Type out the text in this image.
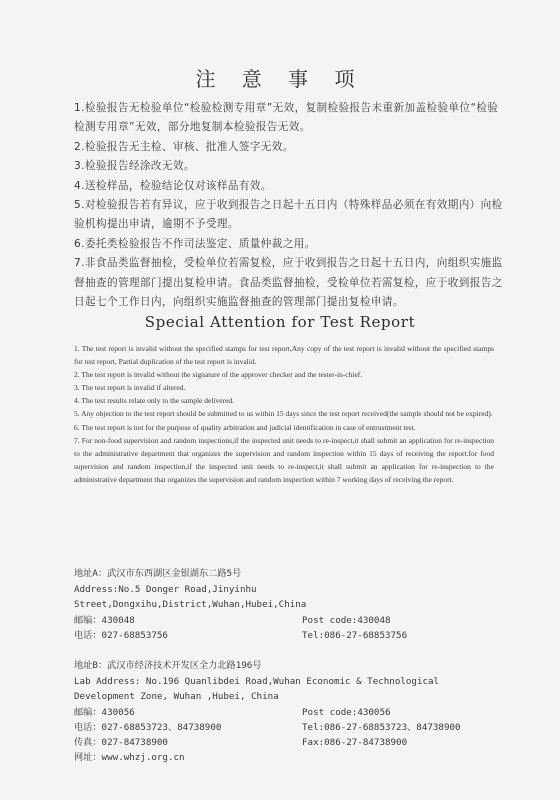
注 意 事 项
1.检验报告无检验单位“检验检测专用章”无效，复制检验报告未重新加盖检验单位“检验检测专用章”无效，部分地复制本检验报告无效。
2.检验报告无主检、审核、批准人签字无效。
3.检验报告经涂改无效。
4.送检样品，检验结论仅对该样品有效。
5.对检验报告若有异议，应于收到报告之日起十五日内（特殊样品必须在有效期内）向检验机构提出申请，逾期不予受理。
6.委托类检验报告不作司法鉴定、质量仲裁之用。
7.非食品类监督抽检，受检单位若需复检，应于收到报告之日起十五日内，向组织实施监督抽查的管理部门提出复检申请。食品类监督抽检，受检单位若需复检，应于收到报告之日起七个工作日内，向组织实施监督抽查的管理部门提出复检申请。
Special Attention for Test Report
1. The test report is invalid without the specified stamps for test report,Any copy of the test report is invalid without the specified stamps for test report, Partial duplication of the test report is invalid.
2. The test report is invalid without the signature of the approver checker and the tester-in-chief.
3. The test report is invalid if altered.
4. The test results relate only to the sample delivered.
5. Any objection to the test report should be submitted to us within 15 days since the test report received(the sample should not be expired).
6. The test report is not for the purpose of quality arbitration and judicial identification in case of entrustment test.
7. For non-food supervision and random inspections,if the inspected unit needs to re-inspect,it shall submit an application for re-inspection to the administrative department that organizes the supervision and random inspection within 15 days of receiving the report.for food supervision and random inspection,if the inspected unit needs to re-inspect,it shall submit an application for re-inspection to the administrative department that organizes the supervision and random inspection within 7 working days of receiving the report.
地址A：武汉市东西湖区金银湖东二路5号
Address:No.5 Donger Road,Jinyinhu
Street,Dongxihu,District,Wuhan,Hubei,China
邮编：430048	Post code:430048
电话：027-68853756	Tel:086-27-68853756
地址B：武汉市经济技术开发区全力北路196号
Lab Address: No.196 Quanlibdei Road,Wuhan Economic & Technological
Development Zone, Wuhan ,Hubei, China
邮编：430056	Post code:430056
电话：027-68853723、84738900	Tel:086-27-68853723、84738900
传真：027-84738900	Fax:086-27-84738900
网址：www.whzj.org.cn
